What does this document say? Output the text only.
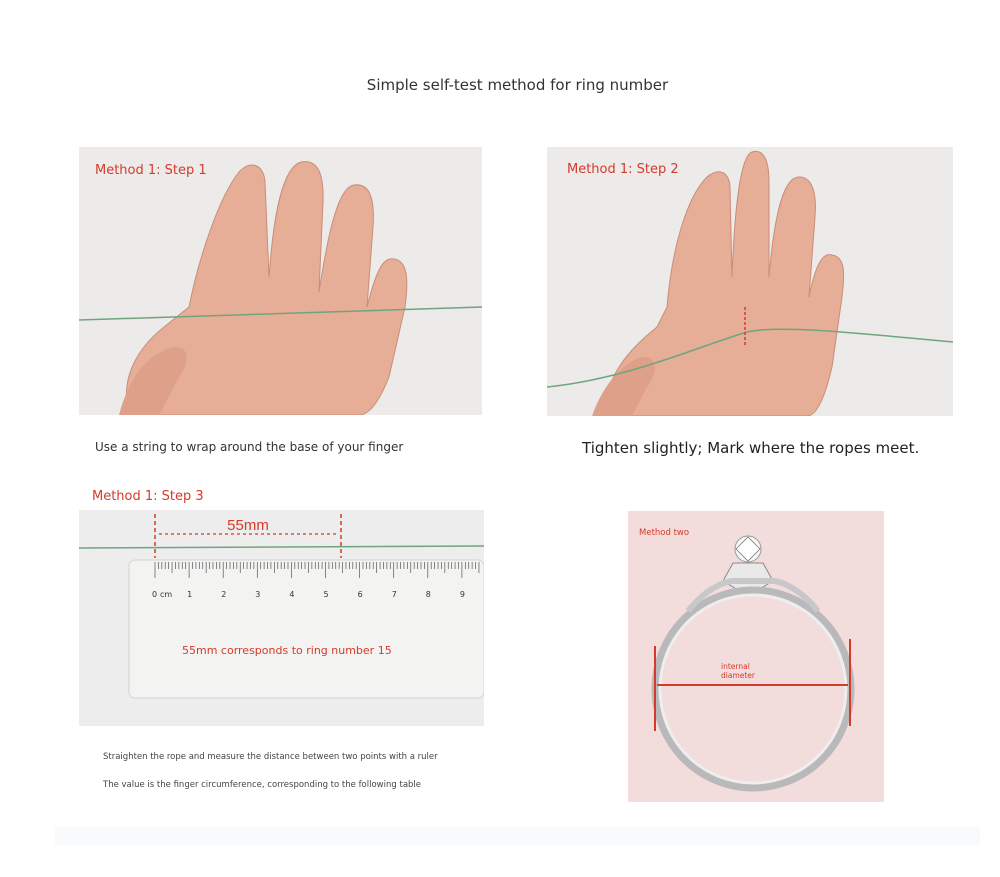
Simple self-test method for ring number
Method 1: Step 1
Use a string to wrap around the base of your finger
Method 1: Step 2
Tighten slightly; Mark where the ropes meet.
Method 1: Step 3
0	1	2	3	4	5	6	7	8	9
cm
55mm
55mm corresponds to ring number 15
Straighten the rope and measure the distance between two points with a ruler
The value is the finger circumference, corresponding to the following table
Method two
internal
diameter
